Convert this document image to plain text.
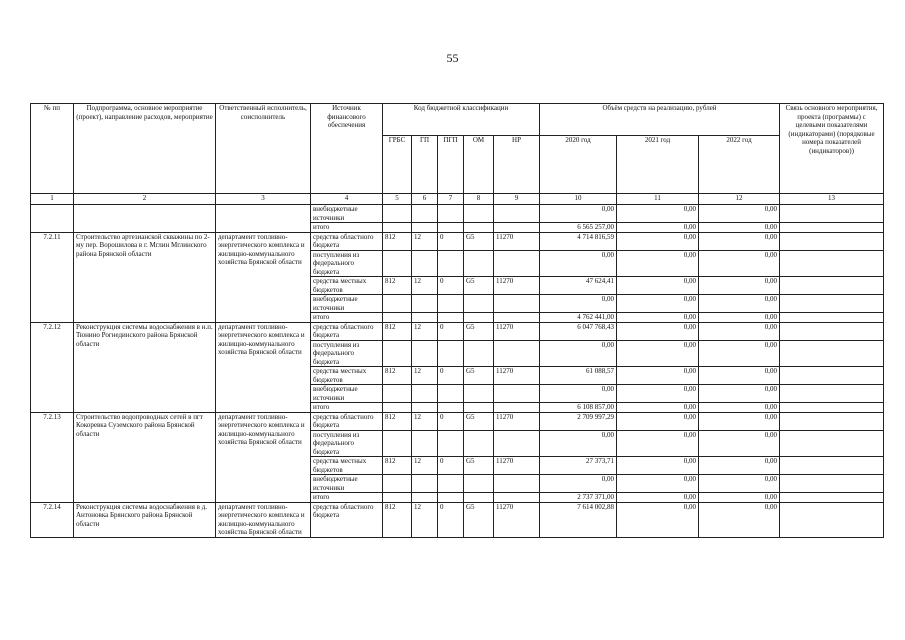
55
№ пп	Подпрограмма, основное мероприятие (проект), направление расходов, мероприятие	Ответственный исполнитель, соисполнитель	Источник финансового обеспечения	Код бюджетной классификации					Объём средств на реализацию, рублей			Связь основного мероприятия, проекта (программы) с целевыми показателями (индикаторами) (порядковые номера показателей (индикаторов))
				ГРБС	ГП	ПГП	ОМ	НР	2020 год	2021 год	2022 год	
1	2	3	4	5	6	7	8	9	10	11	12	13
			внебюджетные источники						0,00	0,00	0,00	
			итого						6 565 257,00	0,00	0,00	
7.2.11	Строительство артезианской скважины по 2-му пер. Ворошилова в г. Мглин Мглинского района Брянской области	департамент топливно-энергетического комплекса и жилищно-коммунального хозяйства Брянской области	средства областного бюджета	812	12	0	G5	11270	4 714 816,59	0,00	0,00	
			поступления из федерального бюджета						0,00	0,00	0,00	
			средства местных бюджетов	812	12	0	G5	11270	47 624,41	0,00	0,00	
			внебюджетные источники						0,00	0,00	0,00	
			итого						4 762 441,00	0,00	0,00	
7.2.12	Реконструкция системы водоснабжения в н.п. Тюнино Рогнединского района Брянской области	департамент топливно-энергетического комплекса и жилищно-коммунального хозяйства Брянской области	средства областного бюджета	812	12	0	G5	11270	6 047 768,43	0,00	0,00	
			поступления из федерального бюджета						0,00	0,00	0,00	
			средства местных бюджетов	812	12	0	G5	11270	61 088,57	0,00	0,00	
			внебюджетные источники						0,00	0,00	0,00	
			итого						6 108 857,00	0,00	0,00	
7.2.13	Строительство водопроводных сетей в пгт Кокоревка Суземского района Брянской области	департамент топливно-энергетического комплекса и жилищно-коммунального хозяйства Брянской области	средства областного бюджета	812	12	0	G5	11270	2 709 997,29	0,00	0,00	
			поступления из федерального бюджета						0,00	0,00	0,00	
			средства местных бюджетов	812	12	0	G5	11270	27 373,71	0,00	0,00	
			внебюджетные источники						0,00	0,00	0,00	
			итого						2 737 371,00	0,00	0,00	
7.2.14	Реконструкция системы водоснабжения в д. Антоновка Брянского района Брянской области	департамент топливно-энергетического комплекса и жилищно-коммунального хозяйства Брянской области	средства областного бюджета	812	12	0	G5	11270	7 614 002,88	0,00	0,00	
